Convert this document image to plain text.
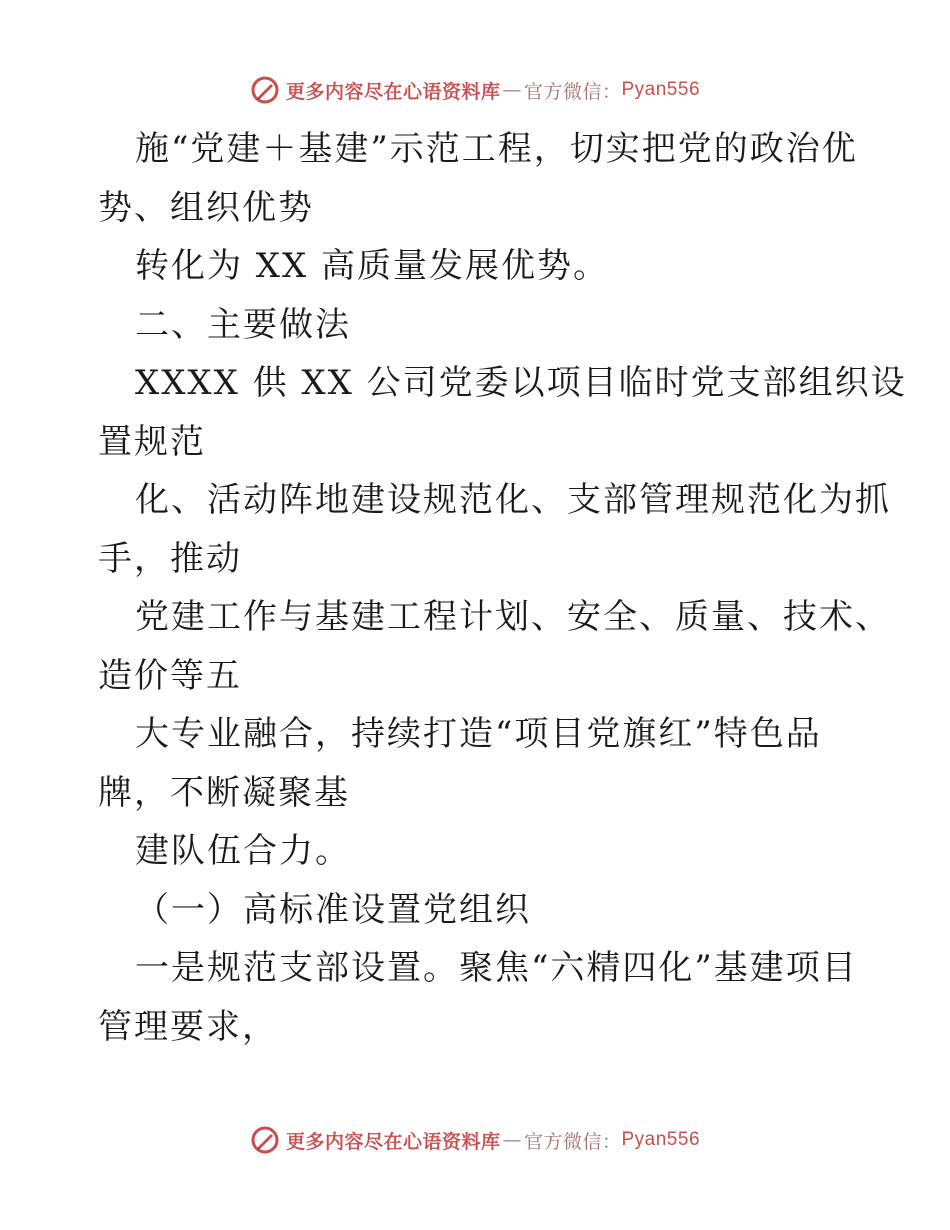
更多内容尽在心语资料库 — 官方微信： Pyan556
施“党建＋基建”示范工程，切实把党的政治优
势、组织优势
转化为 XX 高质量发展优势。
二、主要做法
XXXX 供 XX 公司党委以项目临时党支部组织设
置规范
化、活动阵地建设规范化、支部管理规范化为抓
手，推动
党建工作与基建工程计划、安全、质量、技术、
造价等五
大专业融合，持续打造“项目党旗红”特色品
牌，不断凝聚基
建队伍合力。
（一）高标准设置党组织
一是规范支部设置。聚焦“六精四化”基建项目
管理要求，
更多内容尽在心语资料库 — 官方微信： Pyan556
